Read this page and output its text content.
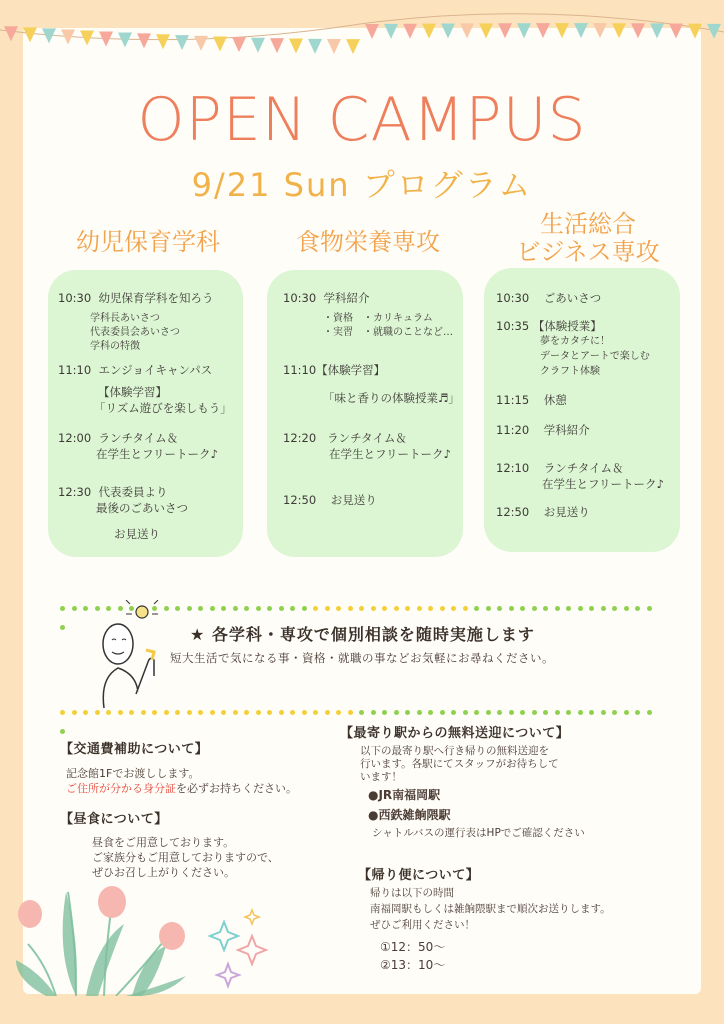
OPEN CAMPUS
9/21 Sun プログラム
幼児保育学科	食物栄養専攻
生活総合
ビジネス専攻
10:30 幼児保育学科を知ろう
学科長あいさつ
代表委員会あいさつ
学科の特徴
11:10 エンジョイキャンパス
【体験学習】
「リズム遊びを楽しもう」
12:00 ランチタイム＆
在学生とフリートーク♪
12:30 代表委員より
最後のごあいさつ
お見送り
10:30 学科紹介
・資格　・カリキュラム
・実習　・就職のことなど…
11:10【体験学習】
「味と香りの体験授業♬」
12:20 ランチタイム＆
在学生とフリートーク♪
12:50 お見送り
10:30 ごあいさつ
10:35 【体験授業】
夢をカタチに！
データとアートで楽しむ
クラフト体験
11:15 休憩
11:20 学科紹介
12:10 ランチタイム＆
在学生とフリートーク♪
12:50 お見送り
★ 各学科・専攻で個別相談を随時実施します
短大生活で気になる事・資格・就職の事などお気軽にお尋ねください。
【交通費補助について】
記念館1Fでお渡しします。
ご住所が分かる身分証を必ずお持ちください。
【昼食について】
昼食をご用意しております。
ご家族分もご用意しておりますので、
ぜひお召し上がりください。
【最寄り駅からの無料送迎について】
以下の最寄り駅へ行き帰りの無料送迎を
行います。各駅にてスタッフがお待ちして
います！
●JR南福岡駅
●西鉄雑餉隈駅
シャトルバスの運行表はHPでご確認ください
【帰り便について】
帰りは以下の時間
南福岡駅もしくは雑餉隈駅まで順次お送りします。
ぜひご利用ください！
①12：50～
②13：10～
